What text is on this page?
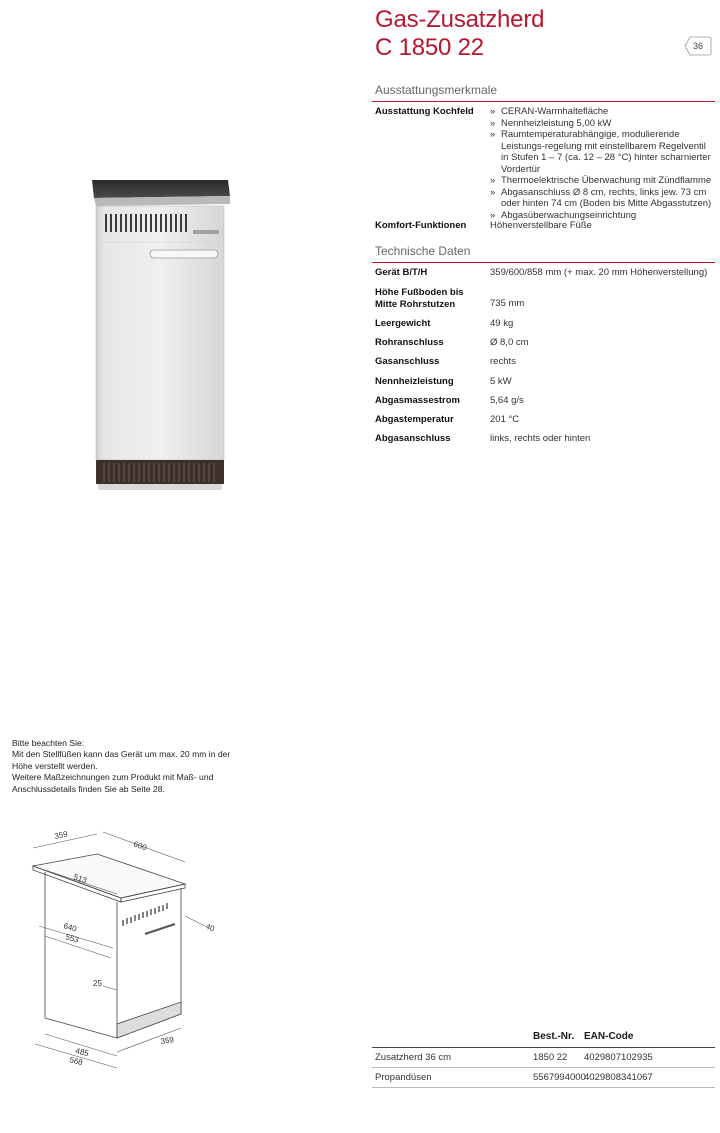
Gas-Zusatzherd
C 1850 22	36
Ausstattungsmerkmale
Ausstattung Kochfeld
»	CERAN-Warmhaltefläche
» Nennheizleistung 5,00 kW
» Raumtemperaturabhängige, modulierende Leistungs-regelung mit einstellbarem Regelventil in Stufen 1 – 7 (ca. 12 – 28 °C) hinter scharnierter Vordertür
» Thermoelektrische Überwachung mit Zündflamme
» Abgasanschluss Ø 8 cm, rechts, links jew. 73 cm oder hinten 74 cm (Boden bis Mitte Abgasstutzen)
» Abgasüberwachungseinrichtung
Komfort-Funktionen	Höhenverstellbare Füße
Technische Daten
Gerät B/T/H	359/600/858 mm (+ max. 20 mm Höhenverstellung)
Höhe Fußboden bis Mitte Rohrstutzen	735 mm
Leergewicht	49 kg
Rohranschluss	Ø 8,0 cm
Gasanschluss	rechts
Nennheizleistung	5 kW
Abgasmassestrom	5,64 g/s
Abgastemperatur	201 °C
Abgasanschluss	links, rechts oder hinten
Bitte beachten Sie:
Mit den Stellfüßen kann das Gerät um max. 20 mm in der Höhe verstellt werden.
Weitere Maßzeichnungen zum Produkt mit Maß- und Anschlussdetails finden Sie ab Seite 28.
359
600
513
640
553
40
25
359
485
568
Best.-Nr. EAN-Code
Zusatzherd 36 cm	1850 22 4029807102935
Propandüsen	5567994000
4029808341067
